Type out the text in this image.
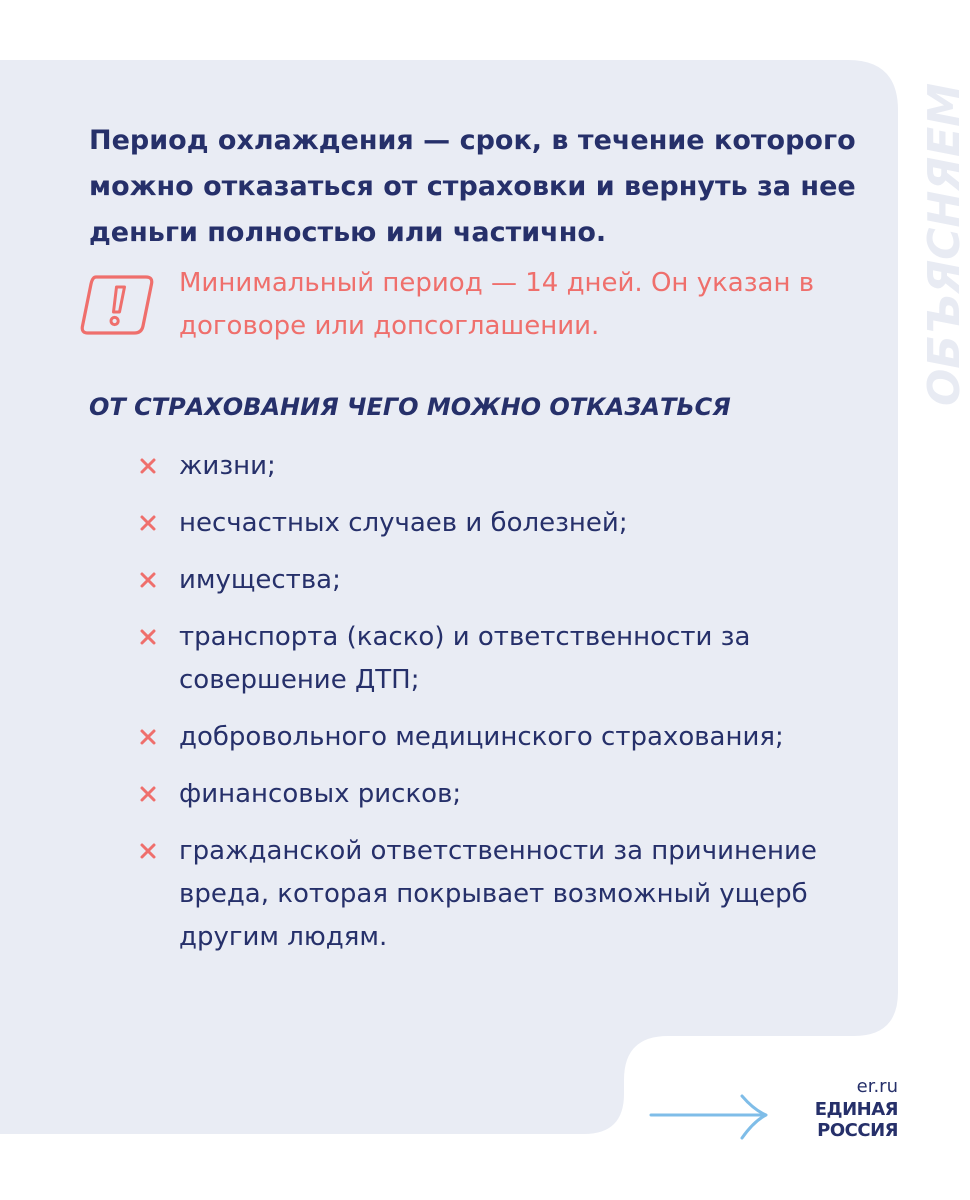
ОБЪЯСНЯЕМ

Период охлаждения — срок, в течение которого можно отказаться от страховки и вернуть за нее деньги полностью или частично.

Минимальный период — 14 дней. Он указан в договоре или допсоглашении.

ОТ СТРАХОВАНИЯ ЧЕГО МОЖНО ОТКАЗАТЬСЯ
жизни;
несчастных случаев и болезней;
имущества;
транспорта (каско) и ответственности за совершение ДТП;
добровольного медицинского страхования;
финансовых рисков;
гражданской ответственности за причинение вреда, которая покрывает возможный ущерб другим людям.
er.ru
ЕДИНАЯ
РОССИЯ
